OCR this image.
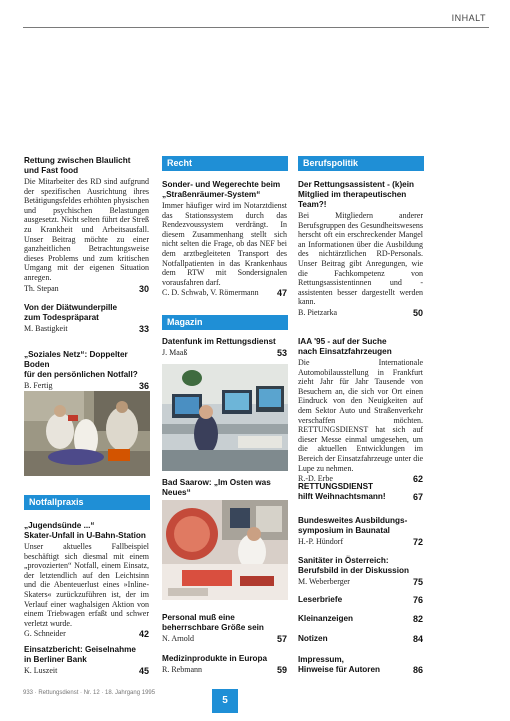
INHALT
Rettung zwischen Blaulicht
und Fast food
Die Mitarbeiter des RD sind aufgrund der spezifischen Ausrichtung ihres Betätigungsfeldes erhöhten physischen und psychischen Belastungen ausgesetzt. Nicht selten führt der Streß zu Krankheit und Arbeitsausfall. Unser Beitrag möchte zu einer ganzheitlichen Betrachtungsweise dieses Problems und zum kritischen Umgang mit der eigenen Situation anregen.
Th. Stepan	30
Von der Diätwunderpille
zum Todespräparat
M. Bastigkeit	33
„Soziales Netz“: Doppelter Boden
für den persönlichen Notfall?
B. Fertig	36
Notfallpraxis
„Jugendsünde ...“
Skater-Unfall in U-Bahn-Station
Unser aktuelles Fallbeispiel beschäftigt sich diesmal mit einem „provozierten“ Notfall, einem Einsatz, der letztendlich auf den Leichtsinn und die Abenteuerlust eines »Inline-Skaters« zurückzuführen ist, der im Verlauf einer waghalsigen Aktion von einem Triebwagen erfaßt und schwer verletzt wurde.
G. Schneider	42
Einsatzbericht: Geiselnahme
in Berliner Bank
K. Luszeit	45
Recht
Sonder- und Wegerechte beim
„Straßenräumer-System“
Immer häufiger wird im Notarztdienst das Stationssystem durch das Rendezvoussystem verdrängt. In diesem Zusammenhang stellt sich nicht selten die Frage, ob das NEF bei dem arztbegleiteten Transport des Notfallpatienten in das Krankenhaus dem RTW mit Sondersignalen vorausfahren darf.
C. D. Schwab, V. Römermann 47
Magazin
Datenfunk im Rettungsdienst
J. Maaß	53
Bad Saarow: „Im Osten was Neues“
Personal muß eine
beherrschbare Größe sein
N. Arnold	57
Medizinprodukte in Europa
R. Rebmann	59
Berufspolitik
Der Rettungsassistent - (k)ein
Mitglied im therapeutischen Team?!
Bei Mitgliedern anderer Berufsgruppen des Gesundheitswesens herscht oft ein erschreckender Mangel an Informationen über die Ausbildung des nichtärztlichen RD-Personals. Unser Beitrag gibt Anregungen, wie die Fachkompetenz von Rettungsassistentinnen und -assistenten besser dargestellt werden kann.
B. Pietzarka	50
IAA '95 - auf der Suche
nach Einsatzfahrzeugen
Die Internationale Automobilausstellung in Frankfurt zieht Jahr für Jahr Tausende von Besuchern an, die sich vor Ort einen Eindruck von den Neuigkeiten auf dem Sektor Auto und Straßenverkehr verschaffen möchten. RETTUNGSDIENST hat sich auf dieser Messe einmal umgesehen, um die aktuellen Entwicklungen im Bereich der Einsatzfahrzeuge unter die Lupe zu nehmen.
R.-D. Erbe	62
RETTUNGSDIENST
hilft Weihnachtsmann!	67
Bundesweites Ausbildungs-
symposium in Baunatal
H.-P. Hündorf	72
Sanitäter in Österreich:
Berufsbild in der Diskussion
M. Weberberger	75
Leserbriefe	76
Kleinanzeigen	82
Notizen	84
Impressum,
Hinweise für Autoren	86
933 · Rettungsdienst · Nr. 12 · 18. Jahrgang 1995
5
